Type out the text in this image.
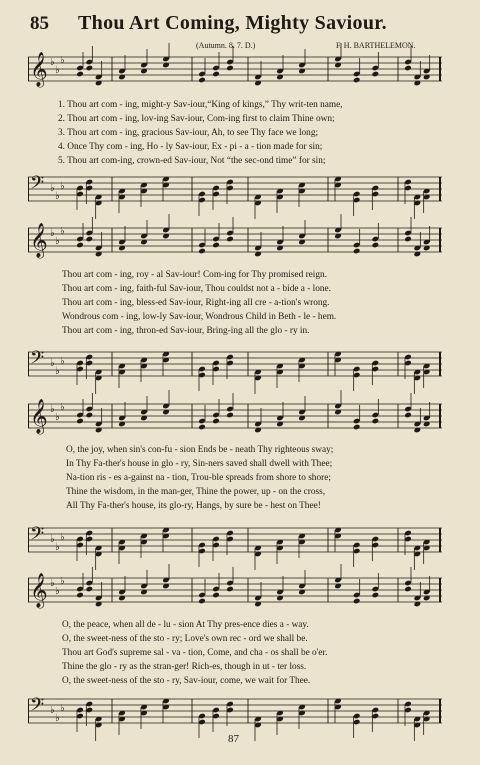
85 Thou Art Coming, Mighty Saviour.
(Autumn. 8. 7. D.)	F. H. BARTHELEMON.
𝄞 ♭
♭
♭
1. Thou art com - ing, might-y Sav-iour,“King of kings,” Thy writ-ten name,
2. Thou art com - ing, lov-ing Sav-iour, Com-ing first to claim Thine own;
3. Thou art com - ing, gracious Sav-iour, Ah, to see Thy face we long;
4. Once Thy com - ing, Ho - ly Sav-iour, Ex - pi - a - tion made for sin;
5. Thou art com-ing, crown-ed Sav-iour, Not “the sec-ond time” for sin;
𝄢 ♭
♭
♭
𝄞 ♭
♭
♭
Thou art com - ing, roy - al Sav-iour! Com-ing for Thy promised reign.
Thou art com - ing, faith-ful Sav-iour, Thou couldst not a - bide a - lone.
Thou art com - ing, bless-ed Sav-iour, Right-ing all cre - a-tion's wrong.
Wondrous com - ing, low-ly Sav-iour, Wondrous Child in Beth - le - hem.
Thou art com - ing, thron-ed Sav-iour, Bring-ing all the glo - ry in.
𝄢 ♭
♭
♭
𝄞 ♭
♭
♭
O, the joy, when sin's con-fu - sion Ends be - neath Thy righteous sway;
In Thy Fa-ther's house in glo - ry, Sin-ners saved shall dwell with Thee;
Na-tion ris - es a-gainst na - tion, Trou-ble spreads from shore to shore;
Thine the wisdom, in the man-ger, Thine the power, up - on the cross,
All Thy Fa-ther's house, its glo-ry, Hangs, by sure be - hest on Thee!
𝄢 ♭
♭
♭
𝄞 ♭
♭
♭
O, the peace, when all de - lu - sion At Thy pres-ence dies a - way.
O, the sweet-ness of the sto - ry; Love's own rec - ord we shall be.
Thou art God's supreme sal - va - tion, Come, and cha - os shall be o'er.
Thine the glo - ry as the stran-ger! Rich-es, though in ut - ter loss.
O, the sweet-ness of the sto - ry, Sav-iour, come, we wait for Thee.
𝄢 ♭
♭
♭
87
